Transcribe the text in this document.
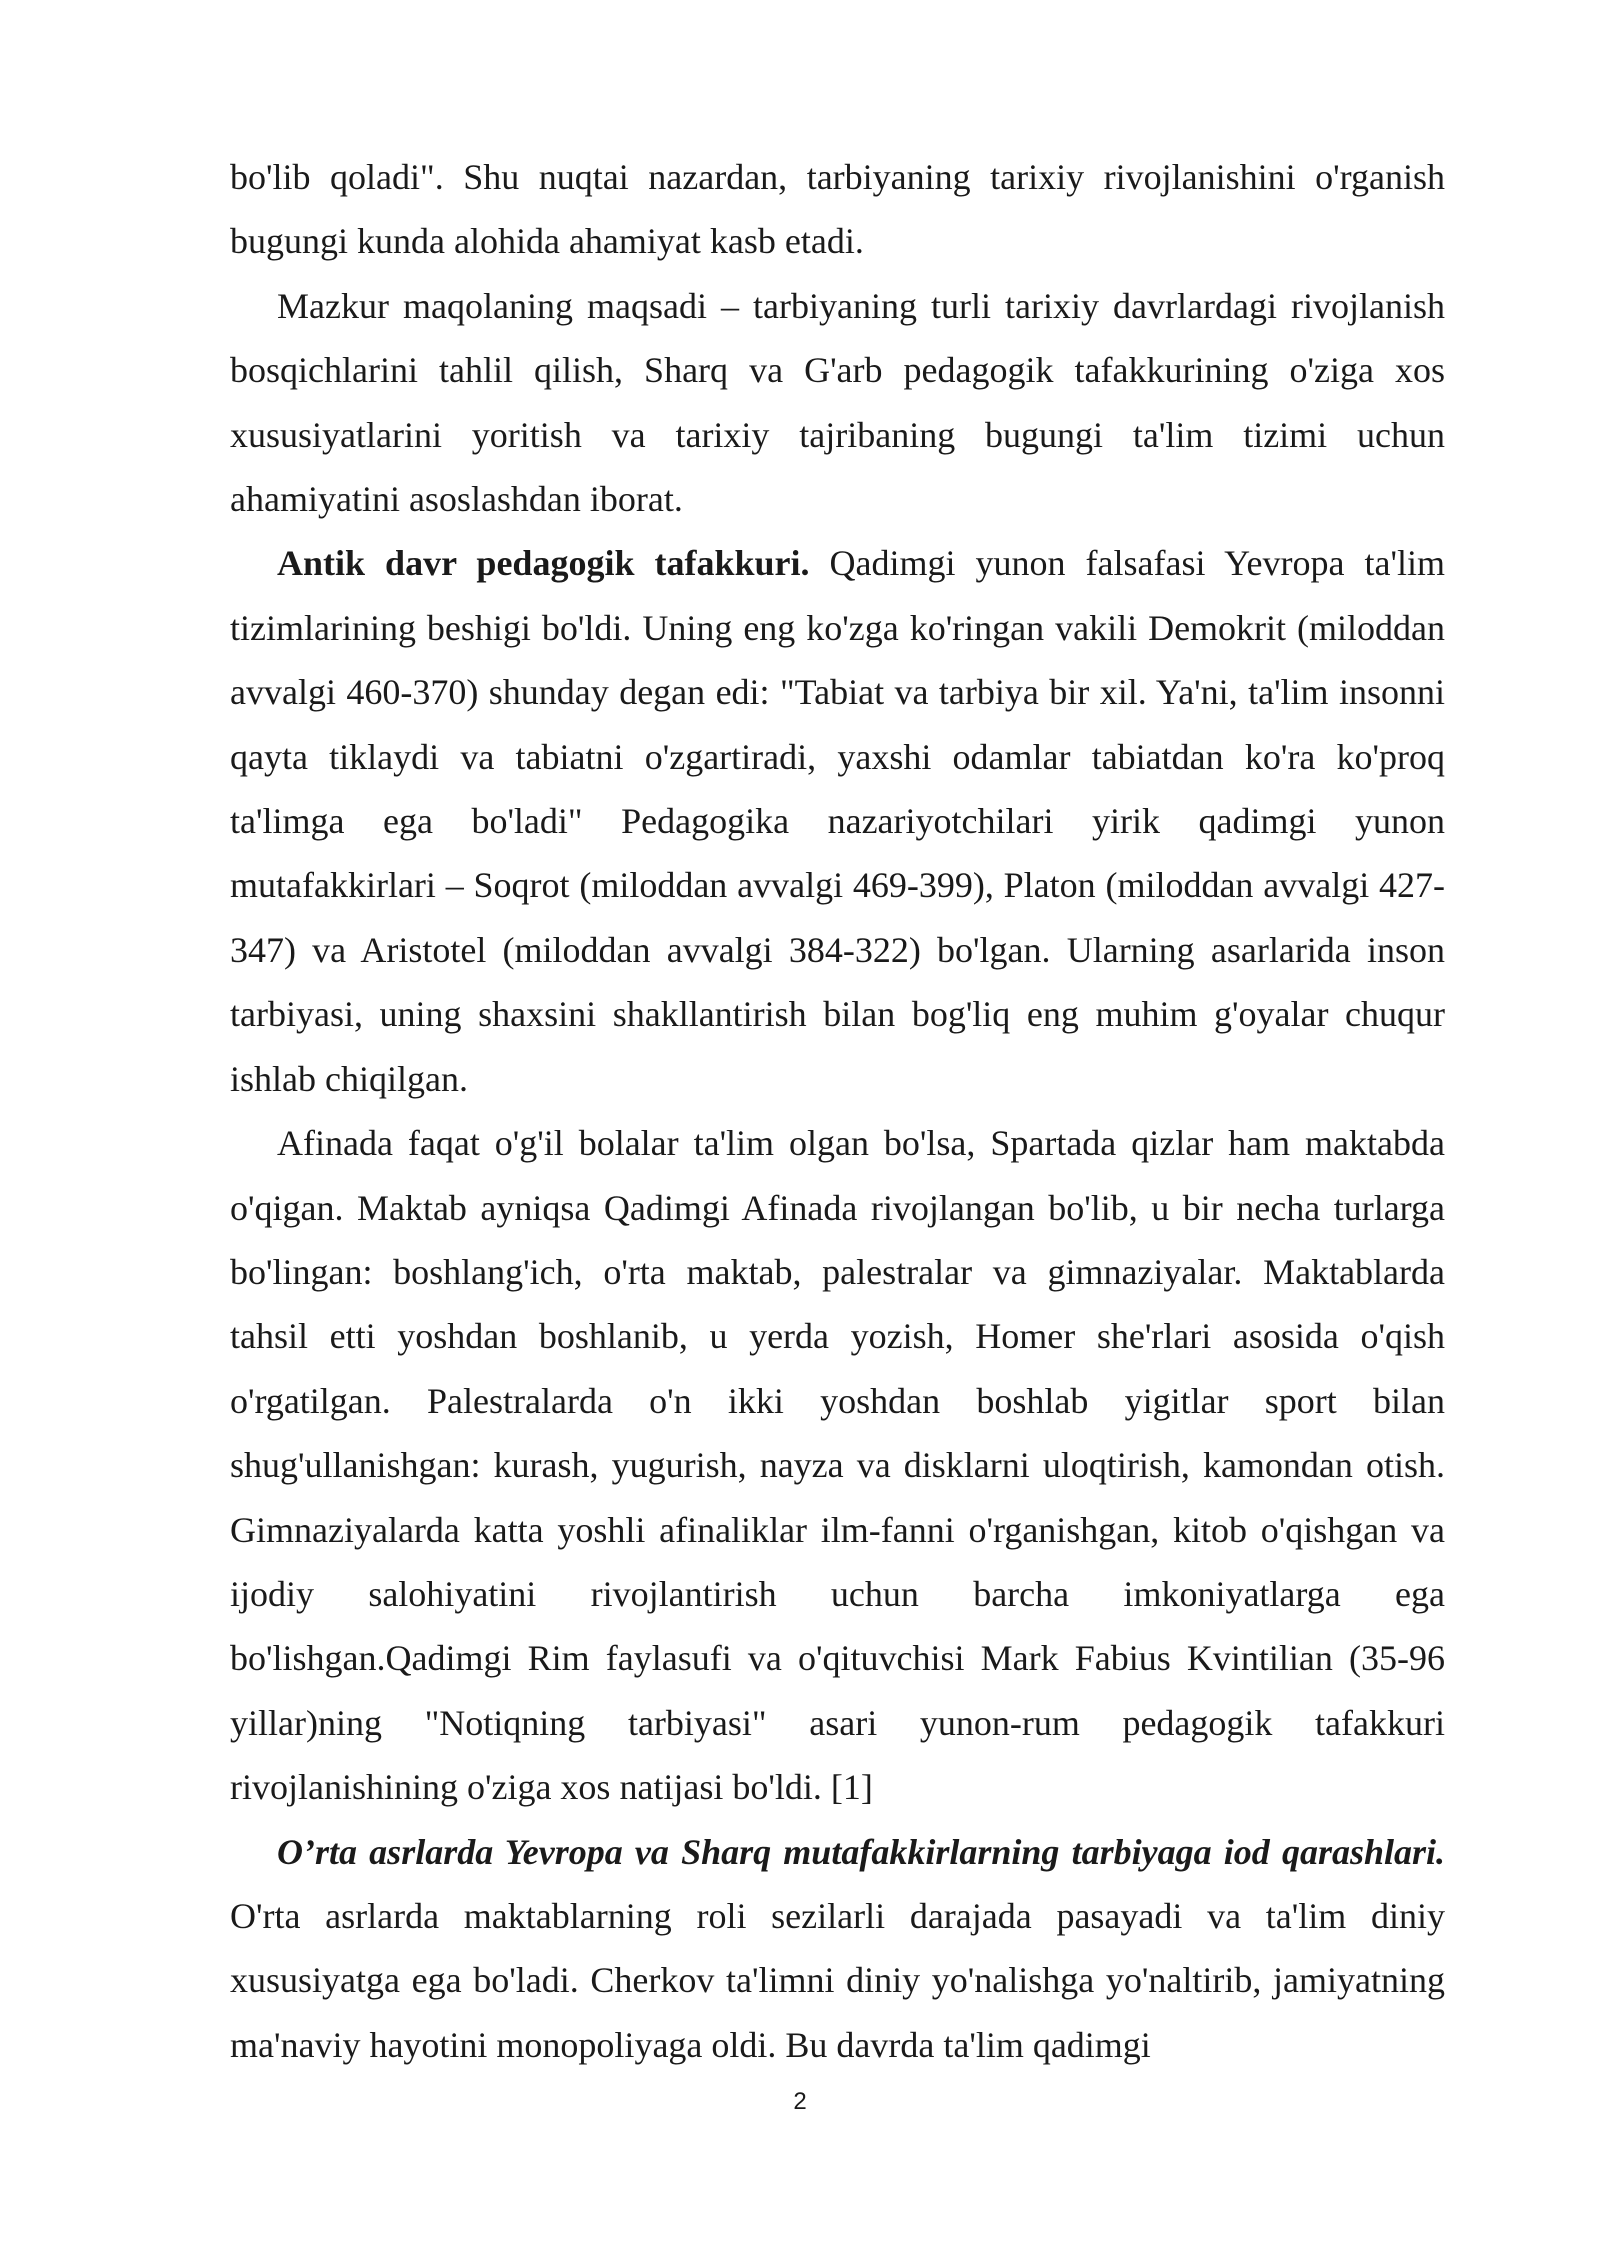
bo'lib qoladi". Shu nuqtai nazardan, tarbiyaning tarixiy rivojlanishini o'rganish bugungi kunda alohida ahamiyat kasb etadi.

Mazkur maqolaning maqsadi – tarbiyaning turli tarixiy davrlardagi rivojlanish bosqichlarini tahlil qilish, Sharq va G'arb pedagogik tafakkurining o'ziga xos xususiyatlarini yoritish va tarixiy tajribaning bugungi ta'lim tizimi uchun ahamiyatini asoslashdan iborat.

Antik davr pedagogik tafakkuri. Qadimgi yunon falsafasi Yevropa ta'lim tizimlarining beshigi bo'ldi. Uning eng ko'zga ko'ringan vakili Demokrit (miloddan avvalgi 460-370) shunday degan edi: "Tabiat va tarbiya bir xil. Ya'ni, ta'lim insonni qayta tiklaydi va tabiatni o'zgartiradi, yaxshi odamlar tabiatdan ko'ra ko'proq ta'limga ega bo'ladi" Pedagogika nazariyotchilari yirik qadimgi yunon mutafakkirlari – Soqrot (miloddan avvalgi 469-399), Platon (miloddan avvalgi 427-347) va Aristotel (miloddan avvalgi 384-322) bo'lgan. Ularning asarlarida inson tarbiyasi, uning shaxsini shakllantirish bilan bog'liq eng muhim g'oyalar chuqur ishlab chiqilgan.

Afinada faqat o'g'il bolalar ta'lim olgan bo'lsa, Spartada qizlar ham maktabda o'qigan. Maktab ayniqsa Qadimgi Afinada rivojlangan bo'lib, u bir necha turlarga bo'lingan: boshlang'ich, o'rta maktab, palestralar va gimnaziyalar. Maktablarda tahsil etti yoshdan boshlanib, u yerda yozish, Homer she'rlari asosida o'qish o'rgatilgan. Palestralarda o'n ikki yoshdan boshlab yigitlar sport bilan shug'ullanishgan: kurash, yugurish, nayza va disklarni uloqtirish, kamondan otish. Gimnaziyalarda katta yoshli afinaliklar ilm-fanni o'rganishgan, kitob o'qishgan va ijodiy salohiyatini rivojlantirish uchun barcha imkoniyatlarga ega bo'lishgan.Qadimgi Rim faylasufi va o'qituvchisi Mark Fabius Kvintilian (35-96 yillar)ning "Notiqning tarbiyasi" asari yunon-rum pedagogik tafakkuri rivojlanishining o'ziga xos natijasi bo'ldi. [1]

O’rta asrlarda Yevropa va Sharq mutafakkirlarning tarbiyaga iod qarashlari. O'rta asrlarda maktablarning roli sezilarli darajada pasayadi va ta'lim diniy xususiyatga ega bo'ladi. Cherkov ta'limni diniy yo'nalishga yo'naltirib, jamiyatning ma'naviy hayotini monopoliyaga oldi. Bu davrda ta'lim qadimgi

2
